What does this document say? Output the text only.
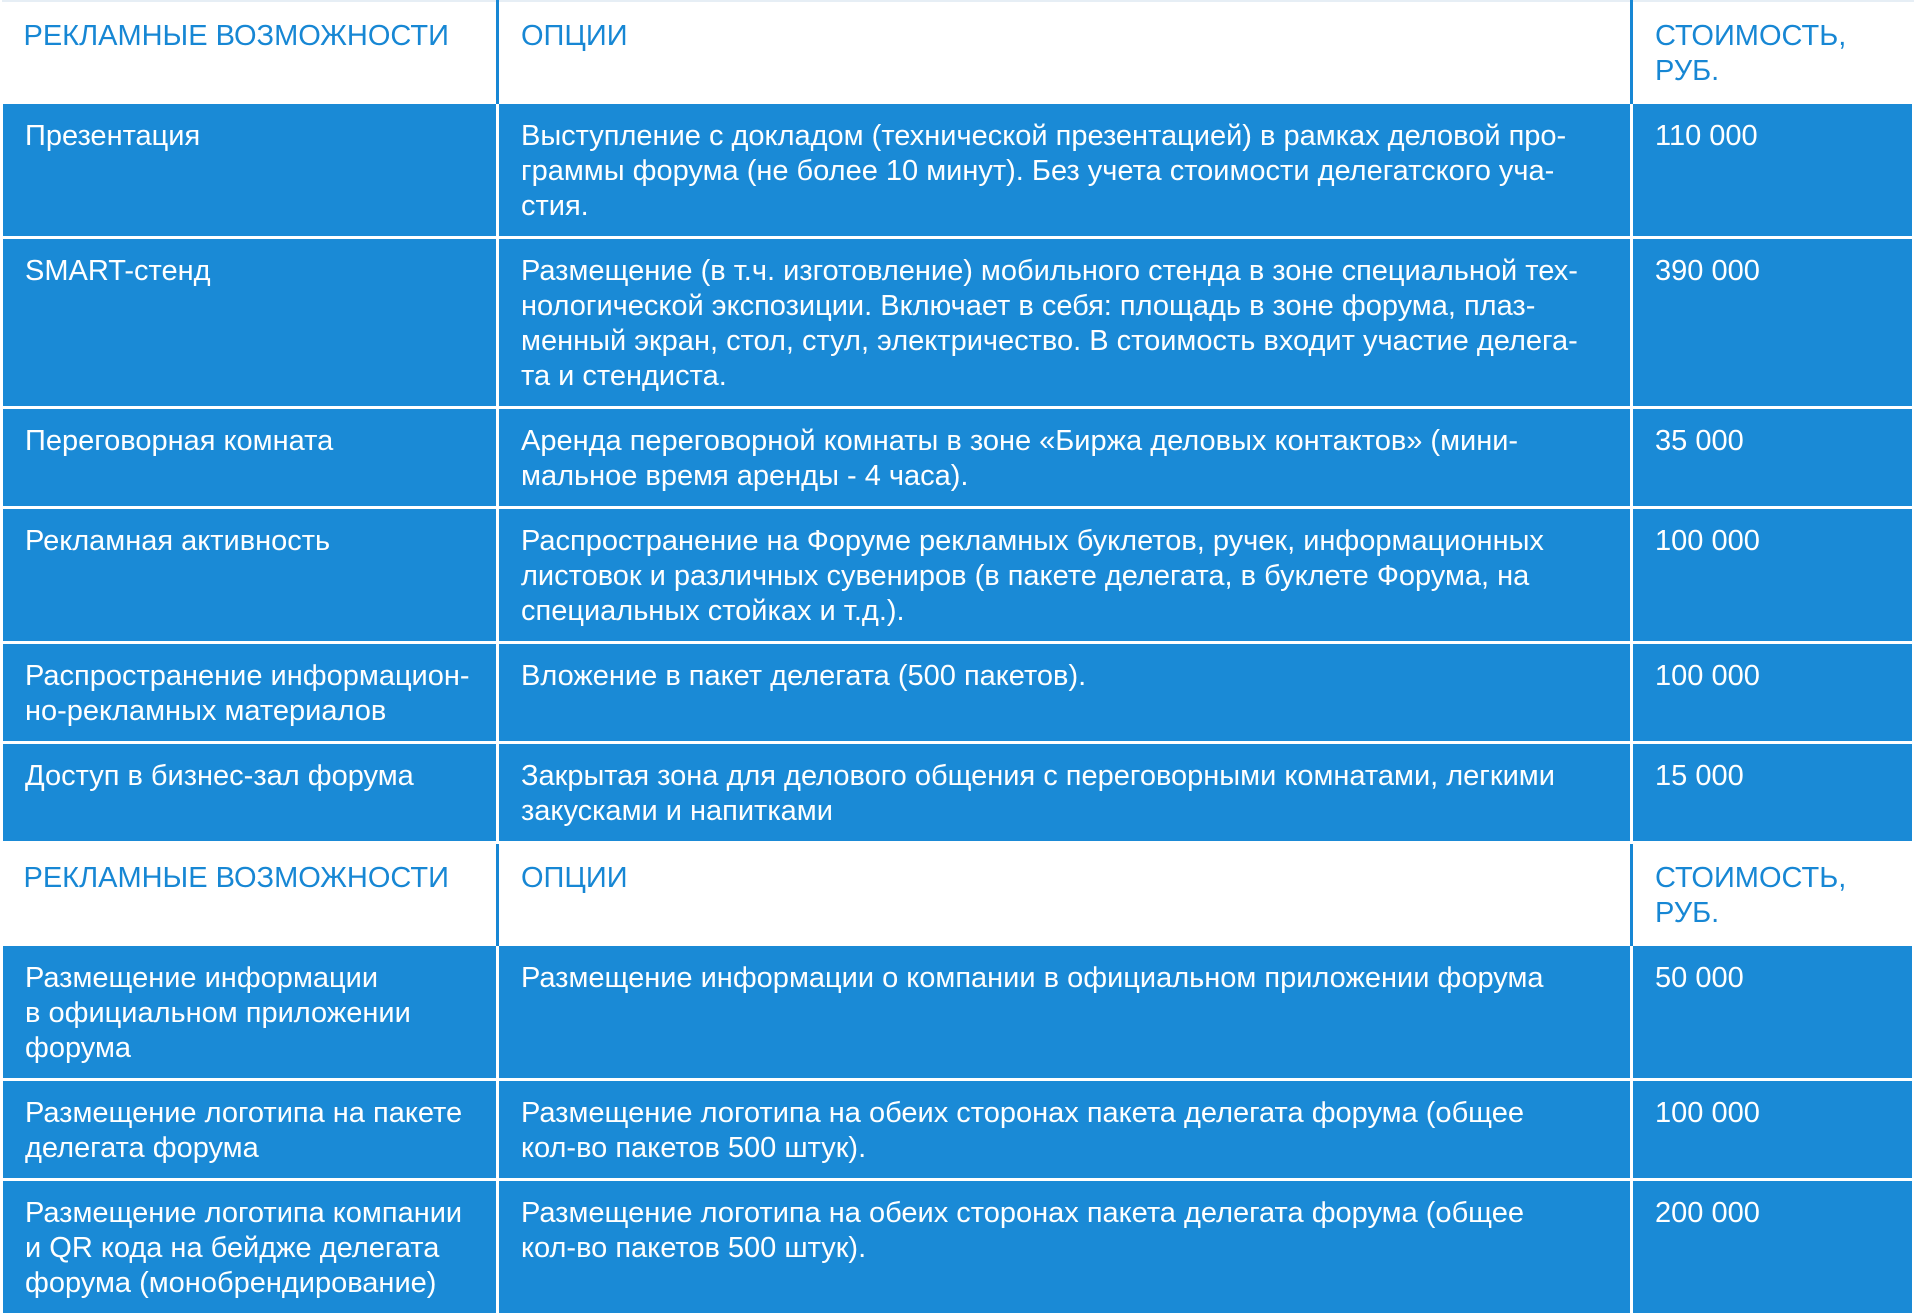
РЕКЛАМНЫЕ ВОЗМОЖНОСТИ	ОПЦИИ	СТОИМОСТЬ,
РУБ.
Презентация	Выступление с докладом (технической презентацией) в рамках деловой про-
граммы форума (не более 10 минут). Без учета стоимости делегатского уча-
стия.	110 000
SMART-стенд	Размещение (в т.ч. изготовление) мобильного стенда в зоне специальной тех-
нологической экспозиции. Включает в себя: площадь в зоне форума, плаз-
менный экран, стол, стул, электричество. В стоимость входит участие делега-
та и стендиста.	390 000
Переговорная комната	Аренда переговорной комнаты в зоне «Биржа деловых контактов» (мини-
мальное время аренды - 4 часа).	35 000
Рекламная активность	Распространение на Форуме рекламных буклетов, ручек, информационных
листовок и различных сувениров (в пакете делегата, в буклете Форума, на
специальных стойках и т.д.).	100 000
Распространение информацион-
но-рекламных материалов	Вложение в пакет делегата (500 пакетов).	100 000
Доступ в бизнес-зал форума	Закрытая зона для делового общения с переговорными комнатами, легкими
закусками и напитками	15 000
РЕКЛАМНЫЕ ВОЗМОЖНОСТИ	ОПЦИИ	СТОИМОСТЬ,
РУБ.
Размещение информации
в официальном приложении
форума	Размещение информации о компании в официальном приложении форума	50 000
Размещение логотипа на пакете
делегата форума	Размещение логотипа на обеих сторонах пакета делегата форума (общее
кол-во пакетов 500 штук).	100 000
Размещение логотипа компании
и QR кода на бейдже делегата
форума (монобрендирование)	Размещение логотипа на обеих сторонах пакета делегата форума (общее
кол-во пакетов 500 штук).	200 000
